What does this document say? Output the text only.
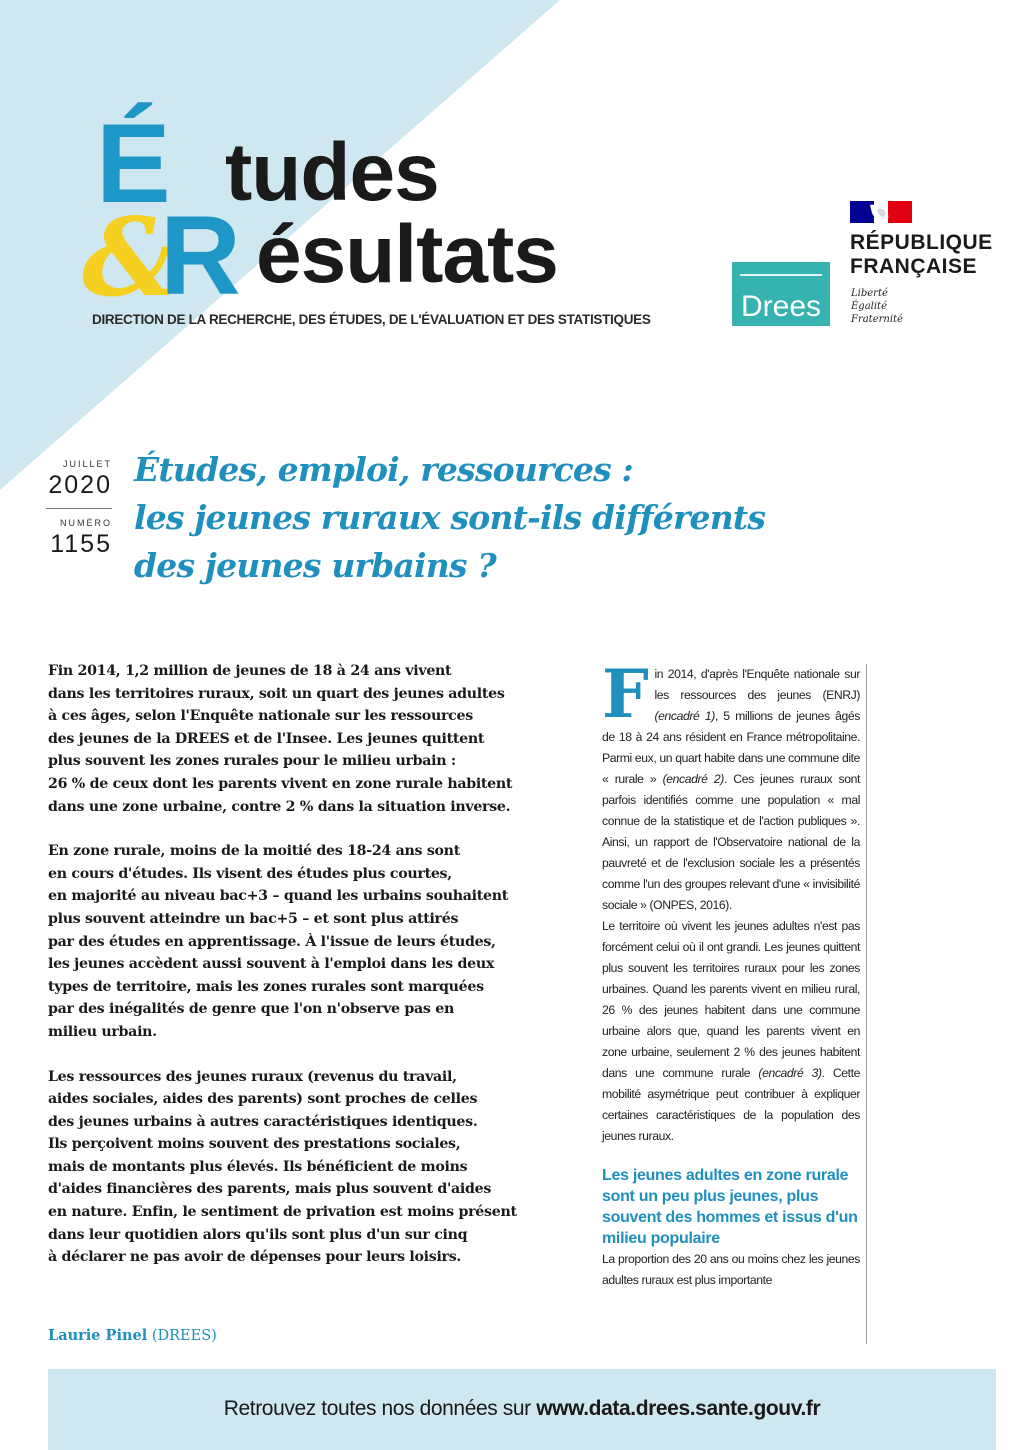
É
&
R
tudes
ésultats
DIRECTION DE LA RECHERCHE, DES ÉTUDES, DE L'ÉVALUATION ET DES STATISTIQUES	Drees
RÉPUBLIQUE
FRANÇAISE
Liberté
Égalité
Fraternité
JUILLET
2020
NUMÉRO
1155
Études, emploi, ressources :
les jeunes ruraux sont-ils différents
des jeunes urbains ?

Fin 2014, 1,2 million de jeunes de 18 à 24 ans vivent
dans les territoires ruraux, soit un quart des jeunes adultes
à ces âges, selon l'Enquête nationale sur les ressources
des jeunes de la DREES et de l'Insee. Les jeunes quittent
plus souvent les zones rurales pour le milieu urbain :
26 % de ceux dont les parents vivent en zone rurale habitent
dans une zone urbaine, contre 2 % dans la situation inverse.

En zone rurale, moins de la moitié des 18-24 ans sont
en cours d'études. Ils visent des études plus courtes,
en majorité au niveau bac+3 – quand les urbains souhaitent
plus souvent atteindre un bac+5 – et sont plus attirés
par des études en apprentissage. À l'issue de leurs études,
les jeunes accèdent aussi souvent à l'emploi dans les deux
types de territoire, mais les zones rurales sont marquées
par des inégalités de genre que l'on n'observe pas en
milieu urbain.

Les ressources des jeunes ruraux (revenus du travail,
aides sociales, aides des parents) sont proches de celles
des jeunes urbains à autres caractéristiques identiques.
Ils perçoivent moins souvent des prestations sociales,
mais de montants plus élevés. Ils bénéficient de moins
d'aides financières des parents, mais plus souvent d'aides
en nature. Enfin, le sentiment de privation est moins présent
dans leur quotidien alors qu'ils sont plus d'un sur cinq
à déclarer ne pas avoir de dépenses pour leurs loisirs.

Laurie Pinel (DREES)
F in 2014, d'après l'Enquête nationale sur les ressources des jeunes (ENRJ) (encadré 1), 5 millions de jeunes âgés de 18 à 24 ans résident en France métropolitaine. Parmi eux, un quart habite dans une commune dite « rurale » (encadré 2). Ces jeunes ruraux sont parfois identifiés comme une population « mal connue de la statistique et de l'action publiques ». Ainsi, un rapport de l'Observatoire national de la pauvreté et de l'exclusion sociale les a présentés comme l'un des groupes relevant d'une « invisibilité sociale » (ONPES, 2016).

Le territoire où vivent les jeunes adultes n'est pas forcément celui où il ont grandi. Les jeunes quittent plus souvent les territoires ruraux pour les zones urbaines. Quand les parents vivent en milieu rural, 26 % des jeunes habitent dans une commune urbaine alors que, quand les parents vivent en zone urbaine, seulement 2 % des jeunes habitent dans une commune rurale (encadré 3). Cette mobilité asymétrique peut contribuer à expliquer certaines caractéristiques de la population des jeunes ruraux.

Les jeunes adultes en zone rurale sont un peu plus jeunes, plus souvent des hommes et issus d'un milieu populaire

La proportion des 20 ans ou moins chez les jeunes adultes ruraux est plus importante

Retrouvez toutes nos données sur www.data.drees.sante.gouv.fr
